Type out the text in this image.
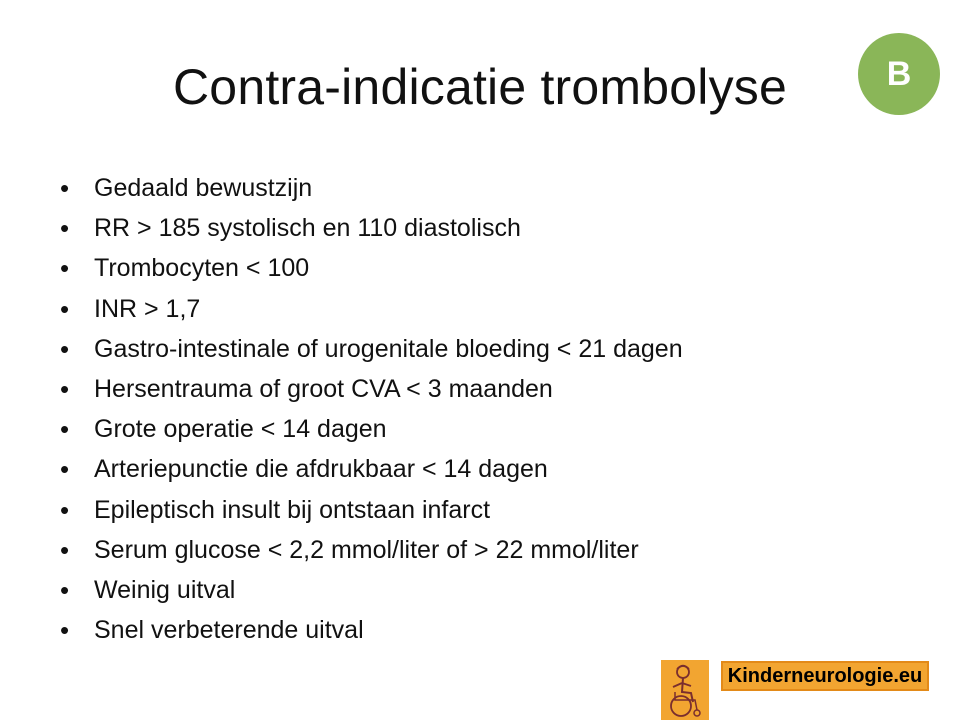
Contra-indicatie trombolyse	B
• Gedaald bewustzijn
• RR > 185 systolisch en 110 diastolisch
• Trombocyten < 100
• INR > 1,7
• Gastro-intestinale of urogenitale bloeding < 21 dagen
• Hersentrauma of groot CVA < 3 maanden
• Grote operatie < 14 dagen
• Arteriepunctie die afdrukbaar < 14 dagen
• Epileptisch insult bij ontstaan infarct
• Serum glucose < 2,2 mmol/liter of > 22 mmol/liter
• Weinig uitval
• Snel verbeterende uitval
Kinderneurologie.eu
